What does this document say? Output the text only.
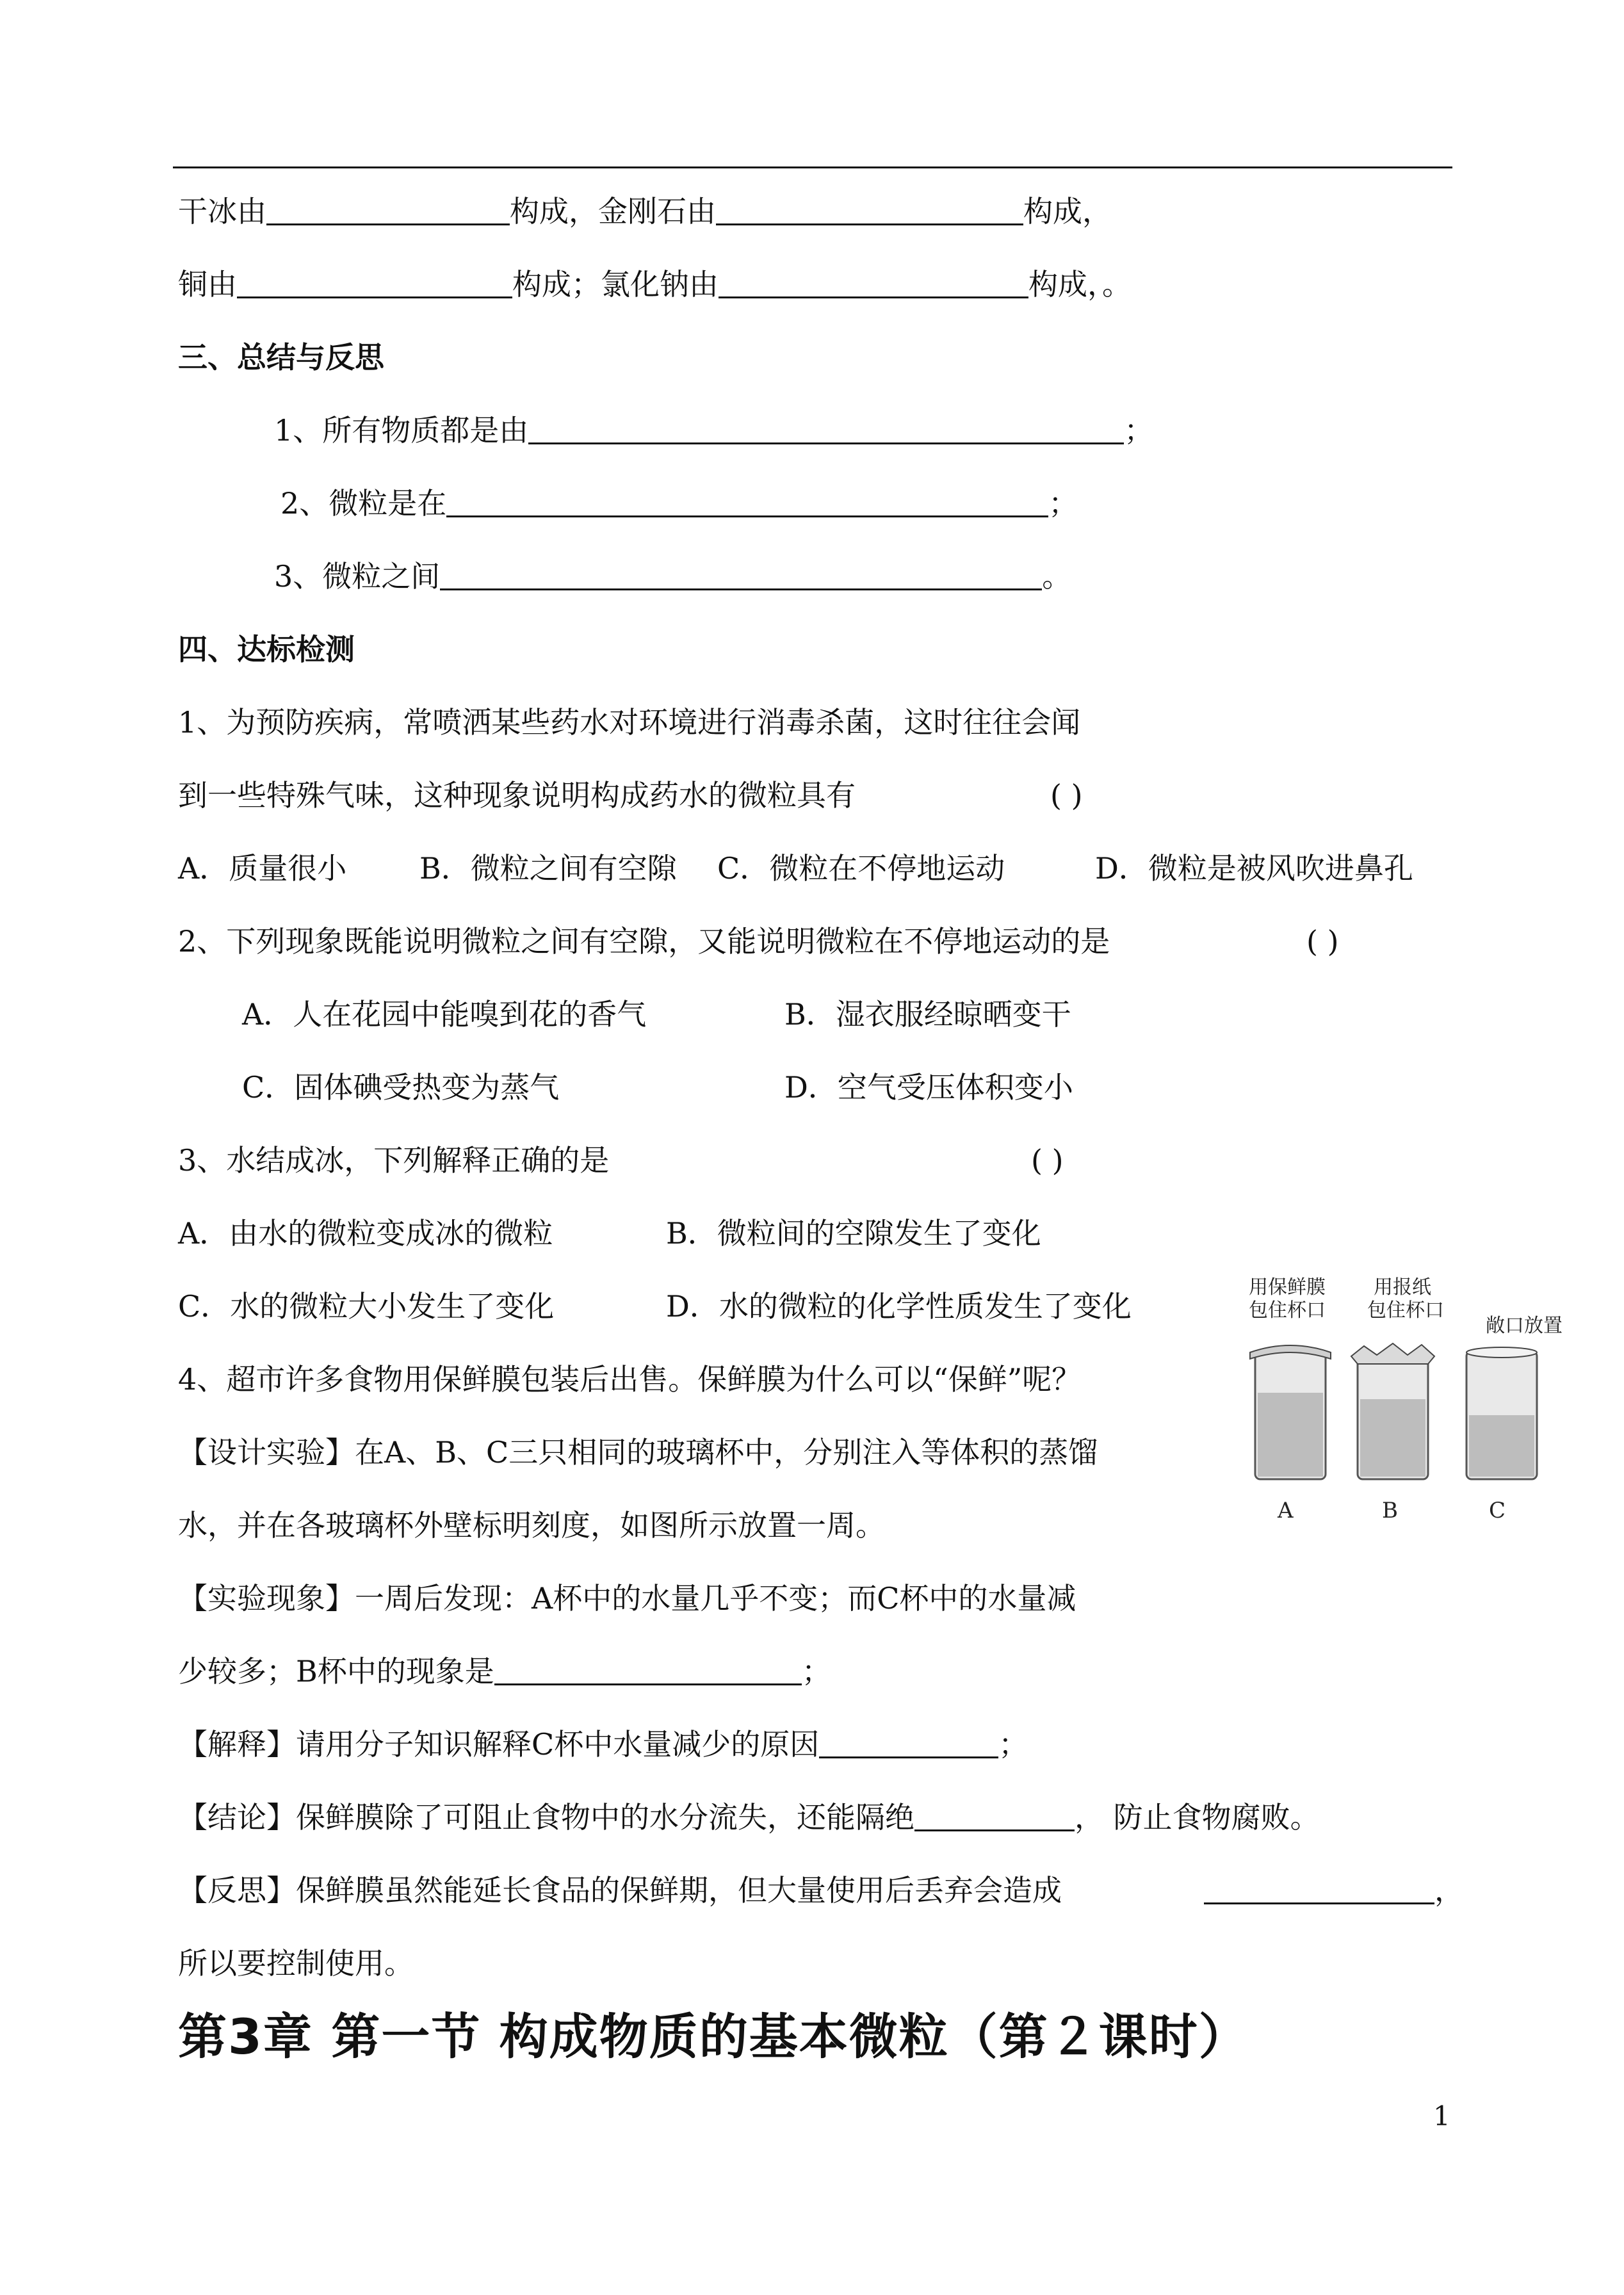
干冰由	构成，金刚石由	构成，
铜由	构成；氯化钠由	构成，。
三、总结与反思
1、所有物质都是由	；
2、微粒是在	；
3、微粒之间	。
四、达标检测
1、为预防疾病，常喷洒某些药水对环境进行消毒杀菌，这时往往会闻
到一些特殊气味，这种现象说明构成药水的微粒具有	( )
A．质量很小 B．微粒之间有空隙 C．微粒在不停地运动	D．微粒是被风吹进鼻孔
2、下列现象既能说明微粒之间有空隙，又能说明微粒在不停地运动的是	( )
A．人在花园中能嗅到花的香气	B．湿衣服经晾晒变干
C．固体碘受热变为蒸气	D．空气受压体积变小
3、水结成冰，下列解释正确的是	( )
A．由水的微粒变成冰的微粒	B．微粒间的空隙发生了变化
C．水的微粒大小发生了变化	D．水的微粒的化学性质发生了变化
4、超市许多食物用保鲜膜包装后出售。保鲜膜为什么可以“保鲜”呢？
【设计实验】在A、B、C三只相同的玻璃杯中，分别注入等体积的蒸馏
水，并在各玻璃杯外壁标明刻度，如图所示放置一周。
【实验现象】一周后发现：A杯中的水量几乎不变；而C杯中的水量减
少较多；B杯中的现象是	；
【解释】请用分子知识解释C杯中水量减少的原因	；
【结论】保鲜膜除了可阻止食物中的水分流失，还能隔绝	， 防止食物腐败。
【反思】保鲜膜虽然能延长食品的保鲜期，但大量使用后丢弃会造成	，
所以要控制使用。
用保鲜膜
包住杯口
用报纸
包住杯口
敞口放置
A	B	C
第3章 第一节 构成物质的基本微粒（第２课时）
1
